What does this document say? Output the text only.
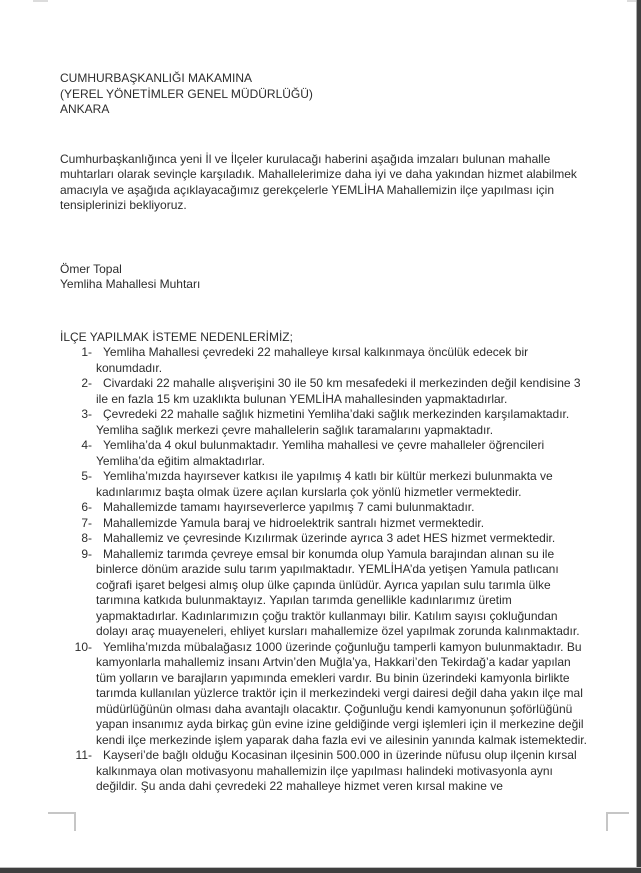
CUMHURBAŞKANLIĞI MAKAMINA
(YEREL YÖNETİMLER GENEL MÜDÜRLÜĞÜ)
ANKARA

Cumhurbaşkanlığınca yeni İl ve İlçeler kurulacağı haberini aşağıda imzaları bulunan mahalle muhtarları olarak sevinçle karşıladık. Mahallelerimize daha iyi ve daha yakından hizmet alabilmek amacıyla ve aşağıda açıklayacağımız gerekçelerle YEMLİHA Mahallemizin ilçe yapılması için tensiplerinizi bekliyoruz.

Ömer Topal
Yemliha Mahallesi Muhtarı
İLÇE YAPILMAK İSTEME NEDENLERİMİZ;
1- Yemliha Mahallesi çevredeki 22 mahalleye kırsal kalkınmaya öncülük edecek bir konumdadır.
2- Civardaki 22 mahalle alışverişini 30 ile 50 km mesafedeki il merkezinden değil kendisine 3 ile en fazla 15 km uzaklıkta bulunan YEMLİHA mahallesinden yapmaktadırlar.
3- Çevredeki 22 mahalle sağlık hizmetini Yemliha’daki sağlık merkezinden karşılamaktadır. Yemliha sağlık merkezi çevre mahallelerin sağlık taramalarını yapmaktadır.
4- Yemliha’da 4 okul bulunmaktadır. Yemliha mahallesi ve çevre mahalleler öğrencileri Yemliha’da eğitim almaktadırlar.
5- Yemliha’mızda hayırsever katkısı ile yapılmış 4 katlı bir kültür merkezi bulunmakta ve kadınlarımız başta olmak üzere açılan kurslarla çok yönlü hizmetler vermektedir.
6- Mahallemizde tamamı hayırseverlerce yapılmış 7 cami bulunmaktadır.
7- Mahallemizde Yamula baraj ve hidroelektrik santralı hizmet vermektedir.
8- Mahallemiz ve çevresinde Kızılırmak üzerinde ayrıca 3 adet HES hizmet vermektedir.
9- Mahallemiz tarımda çevreye emsal bir konumda olup Yamula barajından alınan su ile binlerce dönüm arazide sulu tarım yapılmaktadır. YEMLİHA’da yetişen Yamula patlıcanı coğrafi işaret belgesi almış olup ülke çapında ünlüdür. Ayrıca yapılan sulu tarımla ülke tarımına katkıda bulunmaktayız. Yapılan tarımda genellikle kadınlarımız üretim yapmaktadırlar. Kadınlarımızın çoğu traktör kullanmayı bilir. Katılım sayısı çokluğundan dolayı araç muayeneleri, ehliyet kursları mahallemize özel yapılmak zorunda kalınmaktadır.
10- Yemliha’mızda mübalağasız 1000 üzerinde çoğunluğu tamperli kamyon bulunmaktadır. Bu kamyonlarla mahallemiz insanı Artvin’den Muğla’ya, Hakkari’den Tekirdağ’a kadar yapılan tüm yolların ve barajların yapımında emekleri vardır. Bu binin üzerindeki kamyonla birlikte tarımda kullanılan yüzlerce traktör için il merkezindeki vergi dairesi değil daha yakın ilçe mal müdürlüğünün olması daha avantajlı olacaktır. Çoğunluğu kendi kamyonunun şoförlüğünü yapan insanımız ayda birkaç gün evine izine geldiğinde vergi işlemleri için il merkezine değil kendi ilçe merkezinde işlem yaparak daha fazla evi ve ailesinin yanında kalmak istemektedir.
11- Kayseri’de bağlı olduğu Kocasinan ilçesinin 500.000 in üzerinde nüfusu olup ilçenin kırsal kalkınmaya olan motivasyonu mahallemizin ilçe yapılması halindeki motivasyonla aynı değildir. Şu anda dahi çevredeki 22 mahalleye hizmet veren kırsal makine ve
